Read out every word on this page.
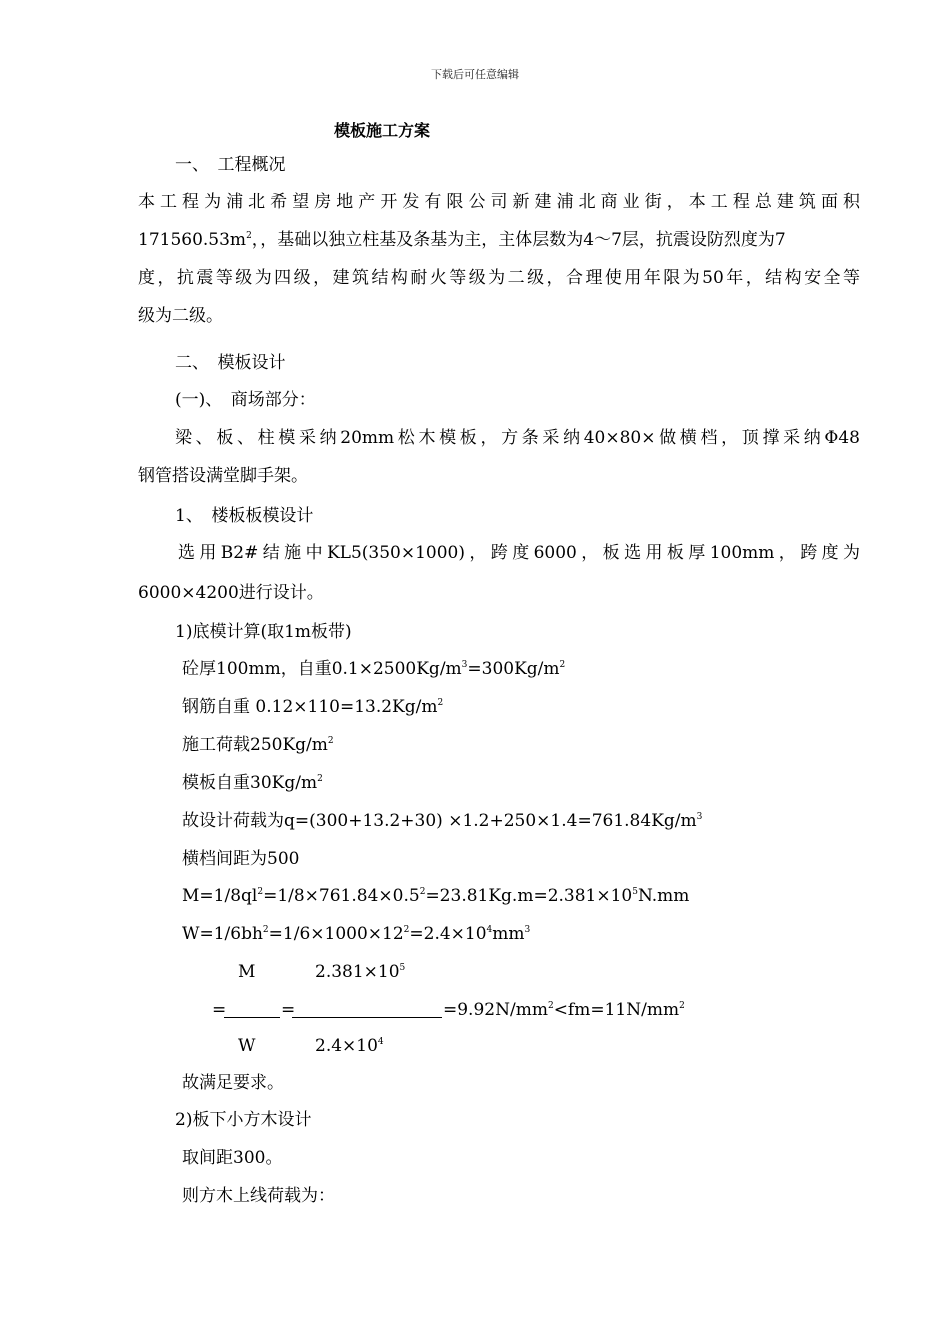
下载后可任意编辑
模板施工方案
一、　工程概况
本工程为浦北希望房地产开发有限公司新建浦北商业街，本工程总建筑面积
$171560.53m^2$，，基础以独立柱基及条基为主，主体层数为4～7层，抗震设防烈度为7
度，抗震等级为四级，建筑结构耐火等级为二级，合理使用年限为50年，结构安全等
级为二级。
二、　模板设计
(一)、　商场部分：
梁、板、柱模采纳20mm松木模板，方条采纳40×80×做横档，顶撑采纳Φ48
钢管搭设满堂脚手架。
1、　楼板板模设计
选用B2#结施中KL5(350×1000)，跨度6000，板选用板厚100mm，跨度为
6000×4200进行设计。
1)底模计算(取1m板带)
砼厚100mm，自重$0.1\times 2500Kg/m^3=300Kg/m^2$
钢筋自重 $0.12\times 110=13.2Kg/m^2$
施工荷载$250Kg/m^2$
模板自重$30Kg/m^2$
故设计荷载为$q=(300+13.2+30) \times 1.2+250\times 1.4=761.84Kg/m^3$
横档间距为500
$M=1/8ql^2=1/8\times 761.84\times 0.5^2=23.81Kg.m=2.381\times 10^5N.mm$
$W=1/6bh^2=1/6\times 1000\times 12^2=2.4\times 10^4mm^3$
M	$2.381\times 10^5$
=	=	$=9.92N/mm^2<fm=11N/mm^2$
W	$2.4\times 10^4$
故满足要求。
2)板下小方木设计
取间距300。
则方木上线荷载为：
